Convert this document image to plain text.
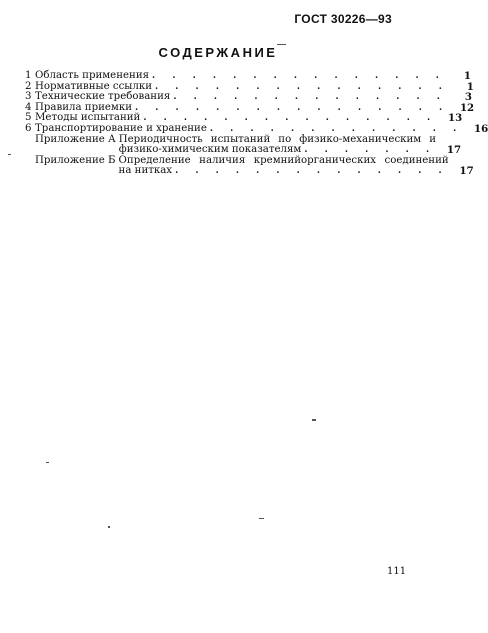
ГОСТ 30226—93
СОДЕРЖАНИЕ
1 Область применения . . . . . . . . . . . . . . .	1
2 Нормативные ссылки . . . . . . . . . . . . . . .	1
3 Технические требования . . . . . . . . . . . . . .	3
4 Правила приемки . . . . . . . . . . . . . . . .	12
5 Методы испытаний . . . . . . . . . . . . . . .	13
6 Транспортирование и хранение . . . . . . . . . . . . .	16
Приложение А Периодичность испытаний по физико-механическим и
физико-химическим показателям . . . . . . .	17
Приложение Б Определение наличия кремнийорганических соединений
на нитках . . . . . . . . . . . . . .	17
111
